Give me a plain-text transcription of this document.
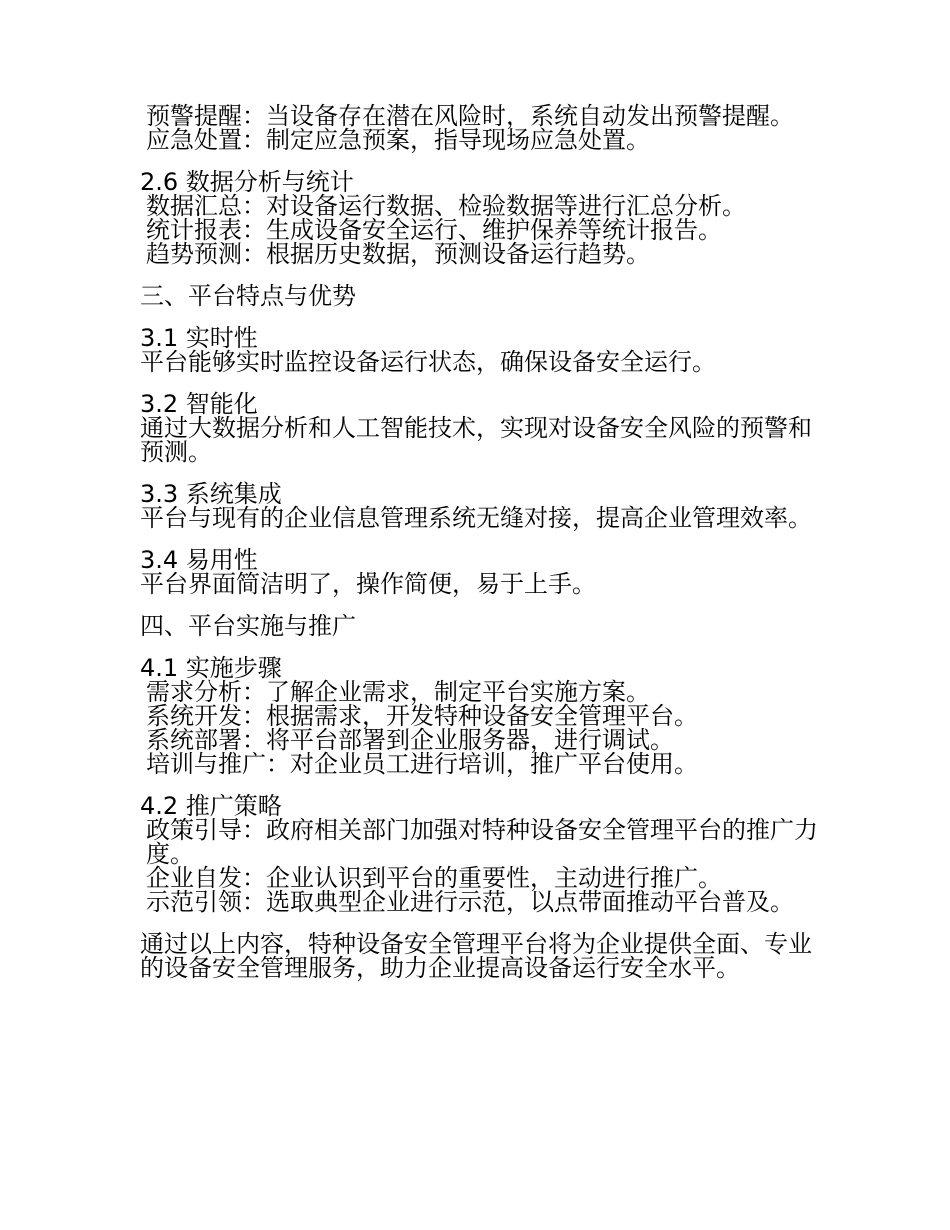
预警提醒：当设备存在潜在风险时，系统自动发出预警提醒。

应急处置：制定应急预案，指导现场应急处置。

2.6 数据分析与统计

数据汇总：对设备运行数据、检验数据等进行汇总分析。

统计报表：生成设备安全运行、维护保养等统计报告。

趋势预测：根据历史数据，预测设备运行趋势。

三、平台特点与优势

3.1 实时性

平台能够实时监控设备运行状态，确保设备安全运行。

3.2 智能化

通过大数据分析和人工智能技术，实现对设备安全风险的预警和预测。

3.3 系统集成

平台与现有的企业信息管理系统无缝对接，提高企业管理效率。

3.4 易用性

平台界面简洁明了，操作简便，易于上手。

四、平台实施与推广

4.1 实施步骤

需求分析：了解企业需求，制定平台实施方案。

系统开发：根据需求，开发特种设备安全管理平台。

系统部署：将平台部署到企业服务器，进行调试。

培训与推广：对企业员工进行培训，推广平台使用。

4.2 推广策略

政策引导：政府相关部门加强对特种设备安全管理平台的推广力度。

企业自发：企业认识到平台的重要性，主动进行推广。

示范引领：选取典型企业进行示范，以点带面推动平台普及。

通过以上内容，特种设备安全管理平台将为企业提供全面、专业的设备安全管理服务，助力企业提高设备运行安全水平。
